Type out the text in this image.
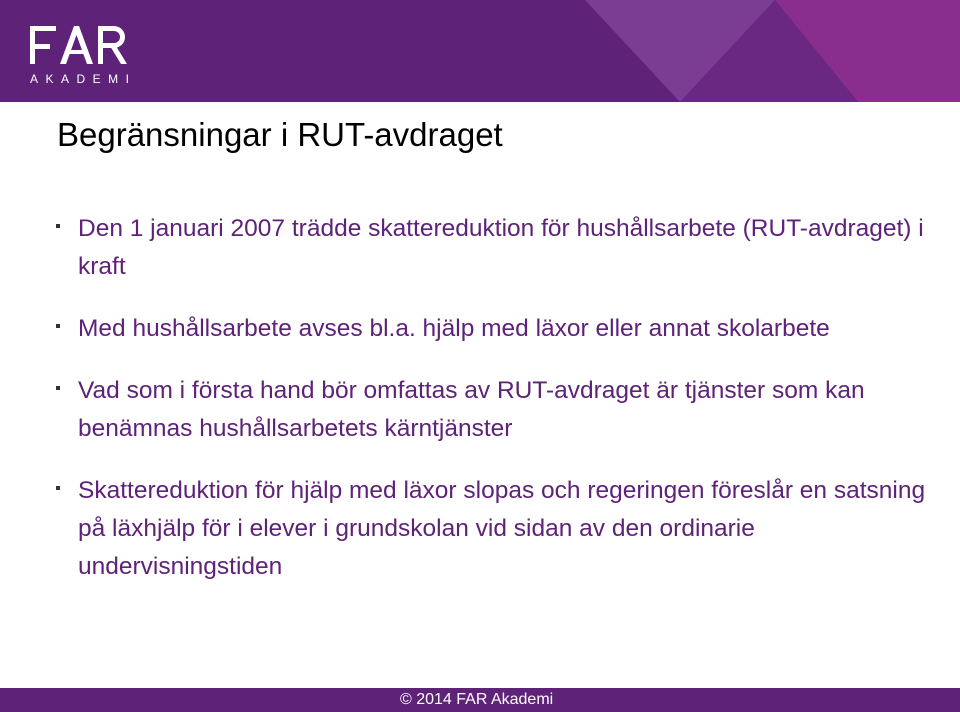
AKADEMI
Begränsningar i RUT-avdraget
Den 1 januari 2007 trädde skattereduktion för hushållsarbete (RUT-avdraget) i kraft
Med hushållsarbete avses bl.a. hjälp med läxor eller annat skolarbete
Vad som i första hand bör omfattas av RUT-avdraget är tjänster som kan benämnas hushållsarbetets kärntjänster
Skattereduktion för hjälp med läxor slopas och regeringen föreslår en satsning på läxhjälp för i elever i grundskolan vid sidan av den ordinarie undervisningstiden
© 2014 FAR Akademi
